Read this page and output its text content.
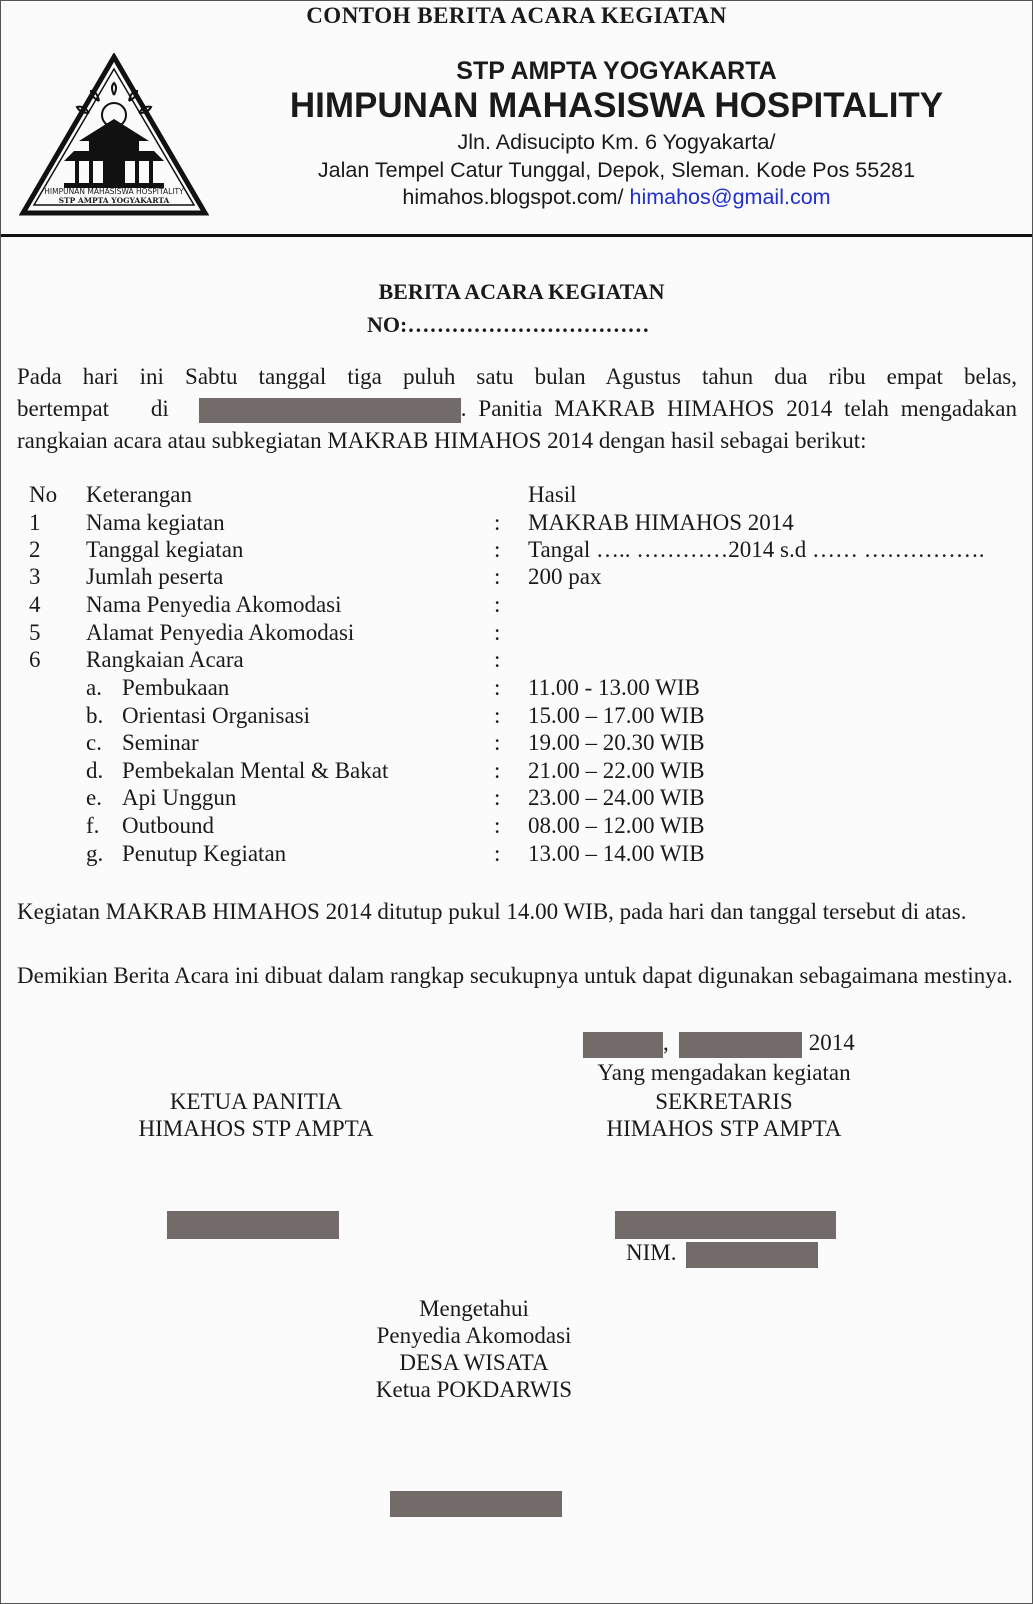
CONTOH BERITA ACARA KEGIATAN
HIMPUNAN MAHASISWA HOSPITALITY
STP AMPTA YOGYAKARTA
STP AMPTA YOGYAKARTA
HIMPUNAN MAHASISWA HOSPITALITY
Jln. Adisucipto Km. 6 Yogyakarta/
Jalan Tempel Catur Tunggal, Depok, Sleman. Kode Pos 55281
himahos.blogspot.com/ himahos@gmail.com
BERITA ACARA KEGIATAN
NO:……………………………
Pada hari ini Sabtu tanggal tiga puluh satu bulan Agustus tahun dua ribu empat belas,
bertempat di	. Panitia MAKRAB HIMAHOS 2014 telah mengadakan rangkaian acara atau subkegiatan MAKRAB HIMAHOS 2014 dengan hasil sebagai berikut:
No Keterangan	Hasil
1 Nama kegiatan	: MAKRAB HIMAHOS 2014
2 Tanggal kegiatan	: Tangal ….. …………2014 s.d …… …………….
3 Jumlah peserta	: 200 pax
4 Nama Penyedia Akomodasi	:
5 Alamat Penyedia Akomodasi	:
6 Rangkaian Acara	:
a. Pembukaan	: 11.00 - 13.00 WIB
b. Orientasi Organisasi	: 15.00 – 17.00 WIB
c. Seminar	: 19.00 – 20.30 WIB
d. Pembekalan Mental & Bakat	: 21.00 – 22.00 WIB
e. Api Unggun	: 23.00 – 24.00 WIB
f. Outbound	: 08.00 – 12.00 WIB
g. Penutup Kegiatan	: 13.00 – 14.00 WIB
Kegiatan MAKRAB HIMAHOS 2014 ditutup pukul 14.00 WIB, pada hari dan tanggal tersebut di atas.
Demikian Berita Acara ini dibuat dalam rangkap secukupnya untuk dapat digunakan sebagaimana mestinya.
,	2014
Yang mengadakan kegiatan
KETUA PANITIA
HIMAHOS STP AMPTA
SEKRETARIS
HIMAHOS STP AMPTA
NIM.
Mengetahui
Penyedia Akomodasi
DESA WISATA
Ketua POKDARWIS
